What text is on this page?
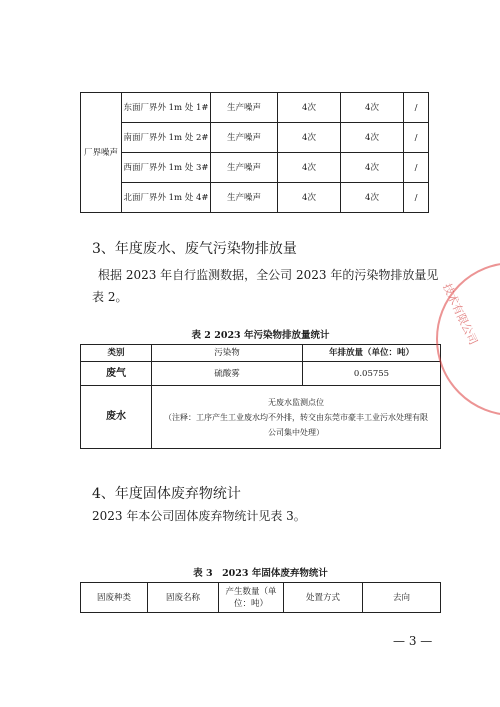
厂界噪声	东面厂界外 1m 处 1#	生产噪声	4次	4次	/
	南面厂界外 1m 处 2#	生产噪声	4次	4次	/
	西面厂界外 1m 处 3#	生产噪声	4次	4次	/
	北面厂界外 1m 处 4#	生产噪声	4次	4次	/
3、年度废水、废气污染物排放量
根据 2023 年自行监测数据，全公司 2023 年的污染物排放量见表 2。
表 2 2023 年污染物排放量统计
类别	污染物	年排放量（单位：吨）
废气	硫酸雾	0.05755
废水	无废水监测点位
（注释：工序产生工业废水均不外排，转交由东莞市豪丰工业污水处理有限
公司集中处理）	
4、年度固体废弃物统计
2023 年本公司固体废弃物统计见表 3。
表 3　2023 年固体废弃物统计
固废种类	固废名称	产生数量（单位：吨）	处置方式	去向
— 3 —
技术有限公司
